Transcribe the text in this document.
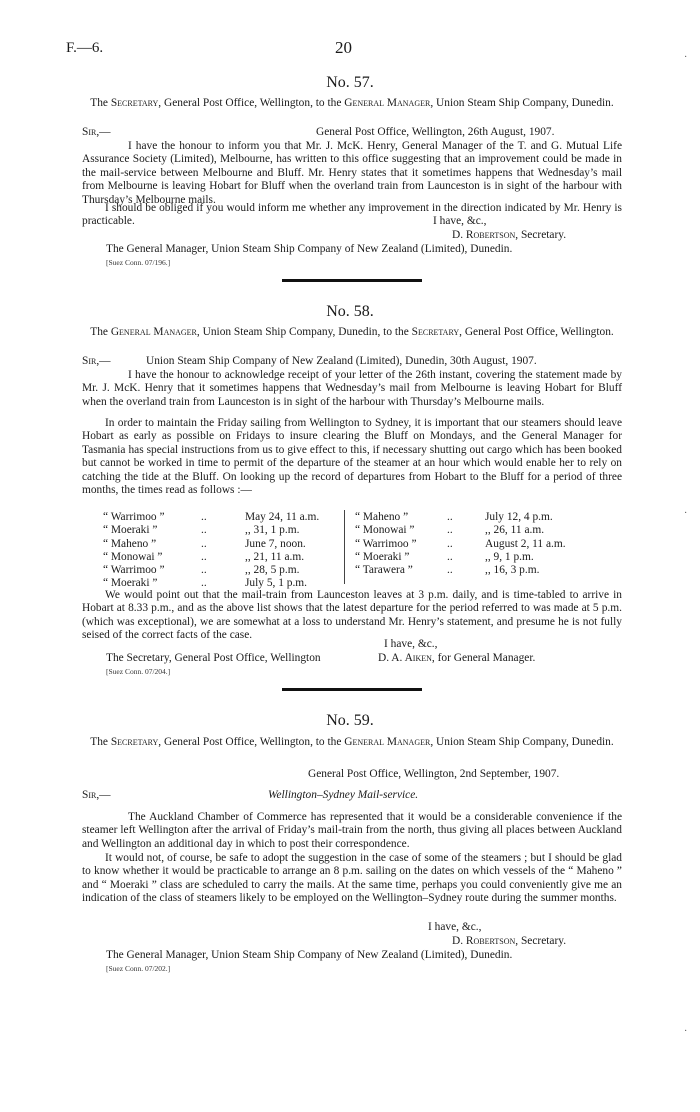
F.—6.	20
No. 57.
The Secretary, General Post Office, Wellington, to the General Manager, Union Steam Ship Company, Dunedin.
Sir,—	General Post Office, Wellington, 26th August, 1907.
I have the honour to inform you that Mr. J. McK. Henry, General Manager of the T. and G. Mutual Life Assurance Society (Limited), Melbourne, has written to this office suggesting that an improvement could be made in the mail-service between Melbourne and Bluff. Mr. Henry states that it sometimes happens that Wednesday’s mail from Melbourne is leaving Hobart for Bluff when the overland train from Launceston is in sight of the harbour with Thursday’s Melbourne mails.
I should be obliged if you would inform me whether any improvement in the direction indicated by Mr. Henry is practicable.	I have, &c.,
D. Robertson, Secretary.
The General Manager, Union Steam Ship Company of New Zealand (Limited), Dunedin.
[Suez Conn. 07/196.]
No. 58.
The General Manager, Union Steam Ship Company, Dunedin, to the Secretary, General Post Office, Wellington.
Sir,—	Union Steam Ship Company of New Zealand (Limited), Dunedin, 30th August, 1907.
I have the honour to acknowledge receipt of your letter of the 26th instant, covering the statement made by Mr. J. McK. Henry that it sometimes happens that Wednesday’s mail from Melbourne is leaving Hobart for Bluff when the overland train from Launceston is in sight of the harbour with Thursday’s Melbourne mails.
In order to maintain the Friday sailing from Wellington to Sydney, it is important that our steamers should leave Hobart as early as possible on Fridays to insure clearing the Bluff on Mondays, and the General Manager for Tasmania has special instructions from us to give effect to this, if necessary shutting out cargo which has been booked but cannot be worked in time to permit of the departure of the steamer at an hour which would enable her to rely on catching the tide at the Bluff. On looking up the record of departures from Hobart to the Bluff for a period of three months, the times read as follows :—
“ Warrimoo ”	..	May 24, 11 a.m.
“ Moeraki ”	..	,, 31, 1 p.m.
“ Maheno ”	..	June 7, noon.
“ Monowai ”	..	,, 21, 11 a.m.
“ Warrimoo ”	..	,, 28, 5 p.m.
“ Moeraki ”	..	July 5, 1 p.m.
“ Maheno ”	..	July 12, 4 p.m.
“ Monowai ”	..	,, 26, 11 a.m.
“ Warrimoo ”	..	August 2, 11 a.m.
“ Moeraki ”	..	,, 9, 1 p.m.
“ Tarawera ”	..	,, 16, 3 p.m.
We would point out that the mail-train from Launceston leaves at 3 p.m. daily, and is time-tabled to arrive in Hobart at 8.33 p.m., and as the above list shows that the latest departure for the period referred to was made at 5 p.m. (which was exceptional), we are somewhat at a loss to understand Mr. Henry’s statement, and presume he is not fully seised of the correct facts of the case.
I have, &c.,
The Secretary, General Post Office, Wellington	D. A. Aiken, for General Manager.
[Suez Conn. 07/204.]
No. 59.
The Secretary, General Post Office, Wellington, to the General Manager, Union Steam Ship Company, Dunedin.
General Post Office, Wellington, 2nd September, 1907.
Sir,—	Wellington–Sydney Mail-service.
The Auckland Chamber of Commerce has represented that it would be a considerable convenience if the steamer left Wellington after the arrival of Friday’s mail-train from the north, thus giving all places between Auckland and Wellington an additional day in which to post their correspondence.
It would not, of course, be safe to adopt the suggestion in the case of some of the steamers ; but I should be glad to know whether it would be practicable to arrange an 8 p.m. sailing on the dates on which vessels of the “ Maheno ” and “ Moeraki ” class are scheduled to carry the mails. At the same time, perhaps you could conveniently give me an indication of the class of steamers likely to be employed on the Wellington–Sydney route during the summer months.
I have, &c.,
D. Robertson, Secretary.
The General Manager, Union Steam Ship Company of New Zealand (Limited), Dunedin.
[Suez Conn. 07/202.]
·
·
·
